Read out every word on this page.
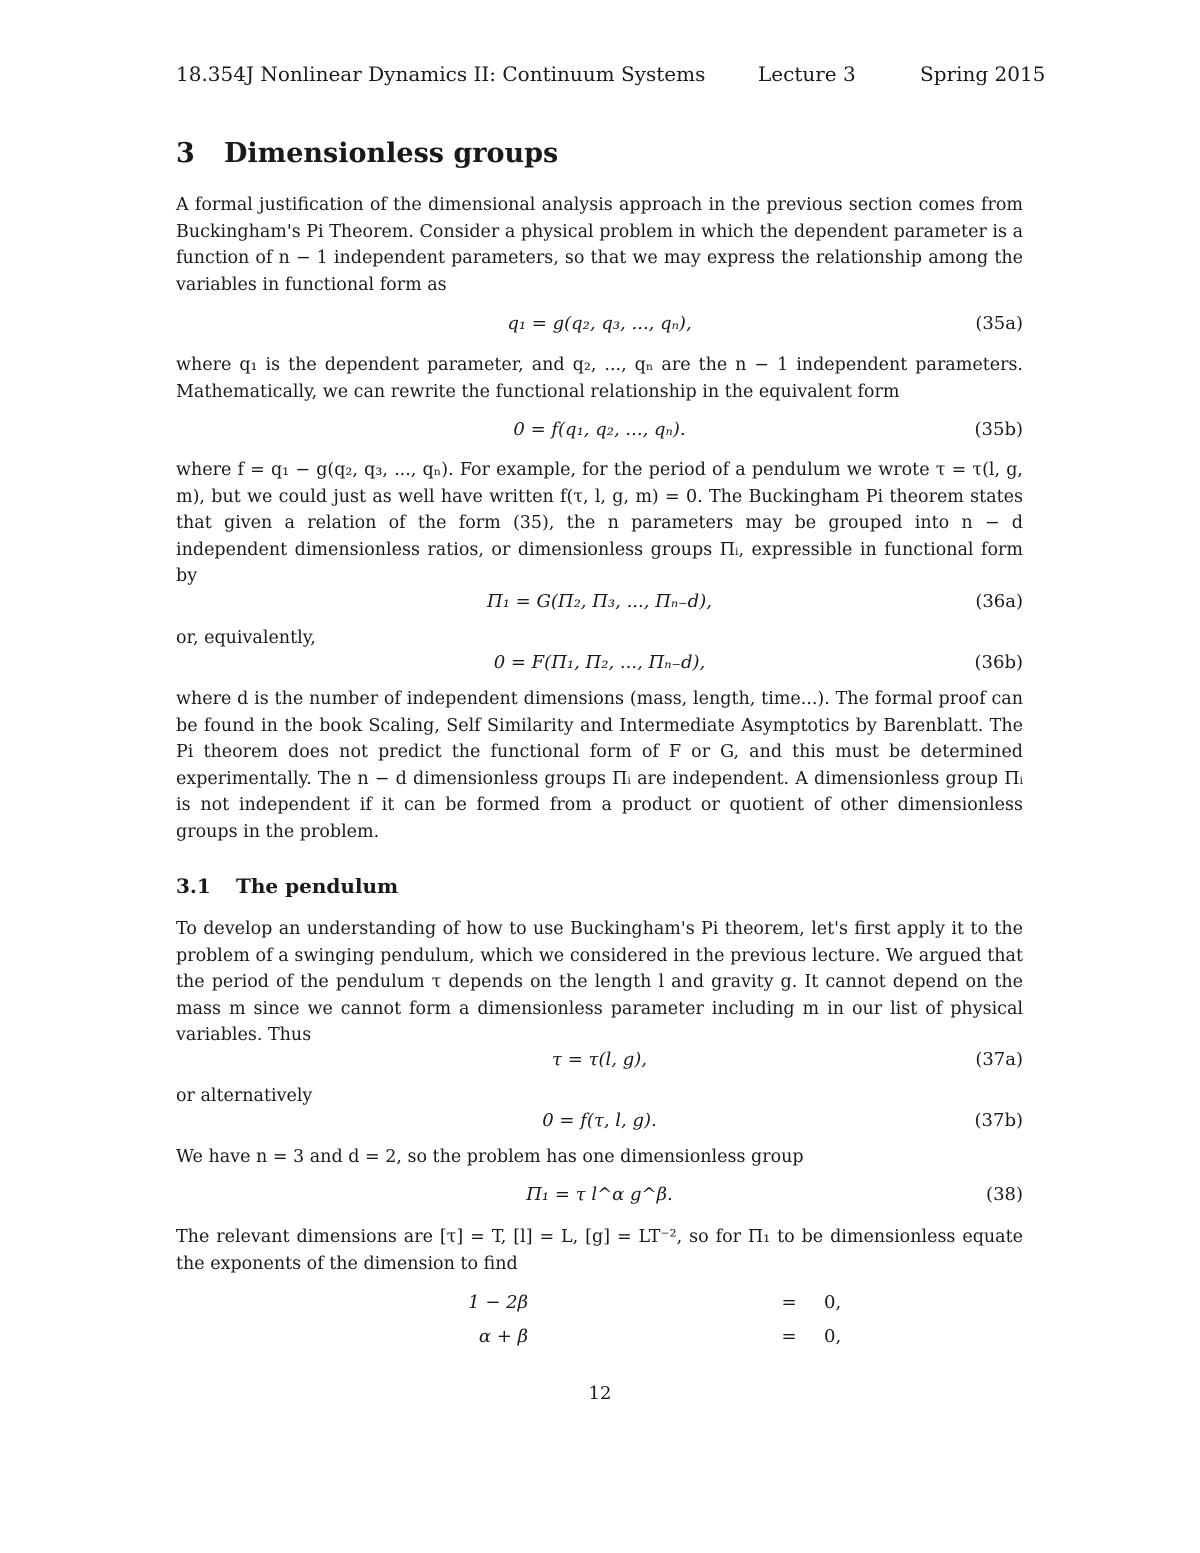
18.354J Nonlinear Dynamics II: Continuum Systems	Lecture 3	Spring 2015
3 Dimensionless groups
A formal justification of the dimensional analysis approach in the previous section comes from Buckingham's Pi Theorem. Consider a physical problem in which the dependent parameter is a function of n − 1 independent parameters, so that we may express the relationship among the variables in functional form as
q₁ = g(q₂, q₃, ..., qₙ),	(35a)
where q₁ is the dependent parameter, and q₂, ..., qₙ are the n − 1 independent parameters. Mathematically, we can rewrite the functional relationship in the equivalent form
0 = f(q₁, q₂, ..., qₙ).	(35b)
where f = q₁ − g(q₂, q₃, ..., qₙ). For example, for the period of a pendulum we wrote τ = τ(l, g, m), but we could just as well have written f(τ, l, g, m) = 0. The Buckingham Pi theorem states that given a relation of the form (35), the n parameters may be grouped into n − d independent dimensionless ratios, or dimensionless groups Πᵢ, expressible in functional form by
Π₁ = G(Π₂, Π₃, ..., Πₙ₋d),	(36a)
or, equivalently,
0 = F(Π₁, Π₂, ..., Πₙ₋d),	(36b)
where d is the number of independent dimensions (mass, length, time...). The formal proof can be found in the book Scaling, Self Similarity and Intermediate Asymptotics by Barenblatt. The Pi theorem does not predict the functional form of F or G, and this must be determined experimentally. The n − d dimensionless groups Πᵢ are independent. A dimensionless group Πᵢ is not independent if it can be formed from a product or quotient of other dimensionless groups in the problem.
3.1 The pendulum
To develop an understanding of how to use Buckingham's Pi theorem, let's first apply it to the problem of a swinging pendulum, which we considered in the previous lecture. We argued that the period of the pendulum τ depends on the length l and gravity g. It cannot depend on the mass m since we cannot form a dimensionless parameter including m in our list of physical variables. Thus
τ = τ(l, g),	(37a)
or alternatively
0 = f(τ, l, g).	(37b)
We have n = 3 and d = 2, so the problem has one dimensionless group
Π₁ = τ l^α g^β.	(38)
The relevant dimensions are [τ] = T, [l] = L, [g] = LT⁻², so for Π₁ to be dimensionless equate the exponents of the dimension to find
1 − 2β	= 0,
α + β	= 0,
12
